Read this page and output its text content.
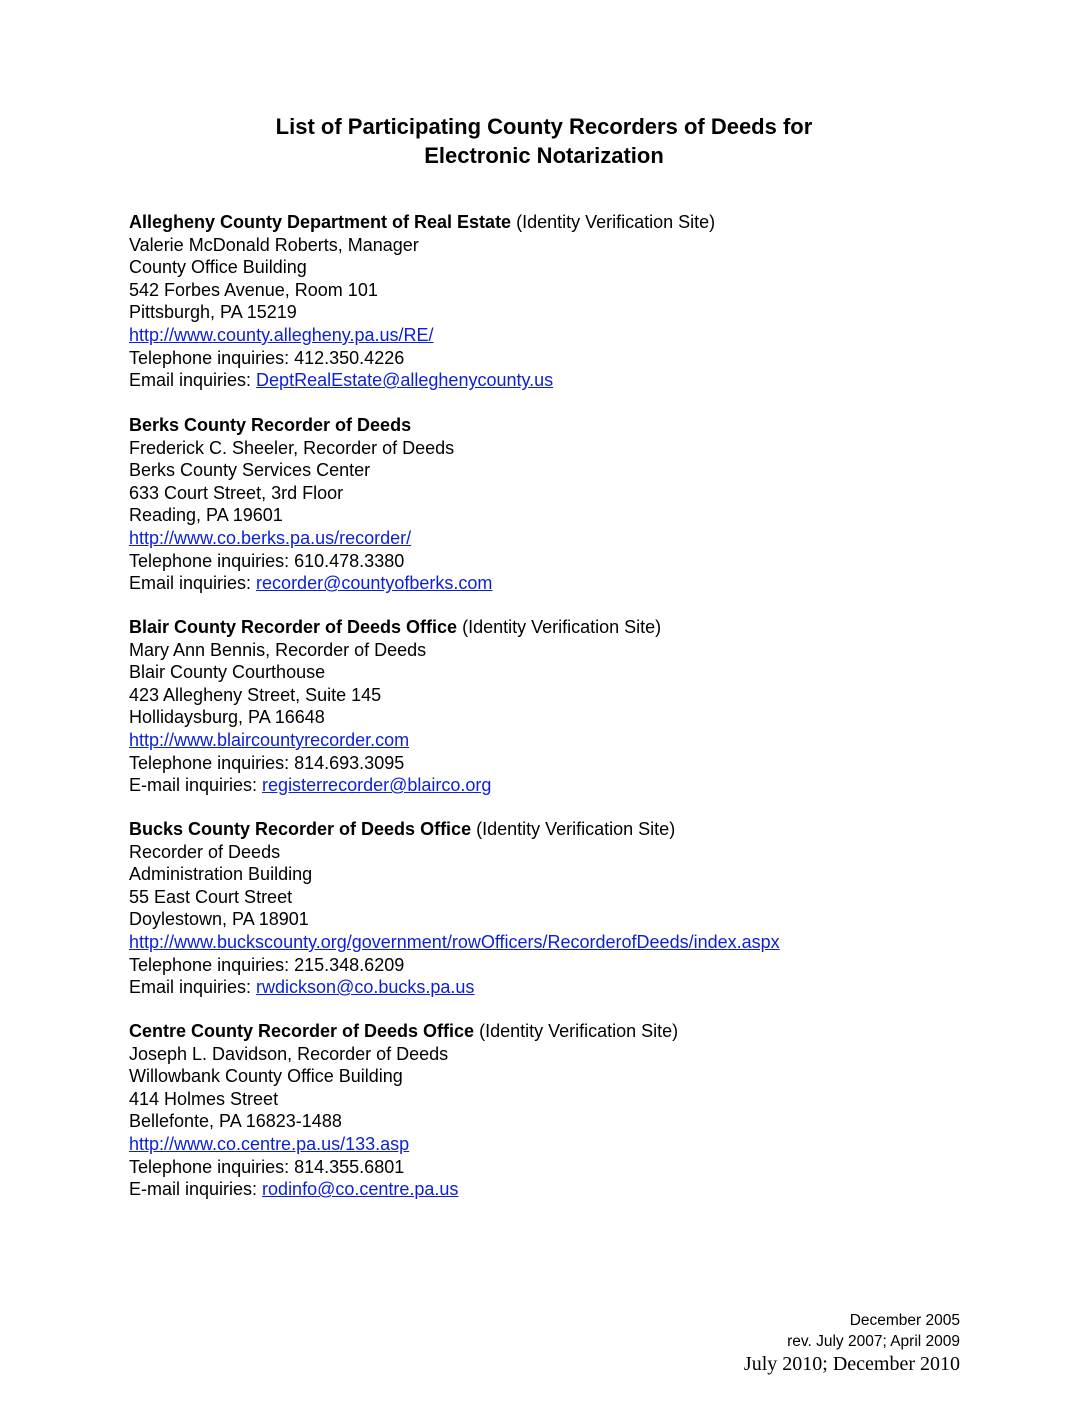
List of Participating County Recorders of Deeds for
Electronic Notarization
Allegheny County Department of Real Estate (Identity Verification Site)
Valerie McDonald Roberts, Manager
County Office Building
542 Forbes Avenue, Room 101
Pittsburgh, PA 15219
http://www.county.allegheny.pa.us/RE/
Telephone inquiries: 412.350.4226
Email inquiries: DeptRealEstate@alleghenycounty.us
Berks County Recorder of Deeds
Frederick C. Sheeler, Recorder of Deeds
Berks County Services Center
633 Court Street, 3rd Floor
Reading, PA 19601
http://www.co.berks.pa.us/recorder/
Telephone inquiries: 610.478.3380
Email inquiries: recorder@countyofberks.com
Blair County Recorder of Deeds Office (Identity Verification Site)
Mary Ann Bennis, Recorder of Deeds
Blair County Courthouse
423 Allegheny Street, Suite 145
Hollidaysburg, PA 16648
http://www.blaircountyrecorder.com
Telephone inquiries: 814.693.3095
E-mail inquiries: registerrecorder@blairco.org
Bucks County Recorder of Deeds Office (Identity Verification Site)
Recorder of Deeds
Administration Building
55 East Court Street
Doylestown, PA 18901
http://www.buckscounty.org/government/rowOfficers/RecorderofDeeds/index.aspx
Telephone inquiries: 215.348.6209
Email inquiries: rwdickson@co.bucks.pa.us
Centre County Recorder of Deeds Office (Identity Verification Site)
Joseph L. Davidson, Recorder of Deeds
Willowbank County Office Building
414 Holmes Street
Bellefonte, PA 16823-1488
http://www.co.centre.pa.us/133.asp
Telephone inquiries: 814.355.6801
E-mail inquiries: rodinfo@co.centre.pa.us
December 2005
rev. July 2007; April 2009
July 2010; December 2010
